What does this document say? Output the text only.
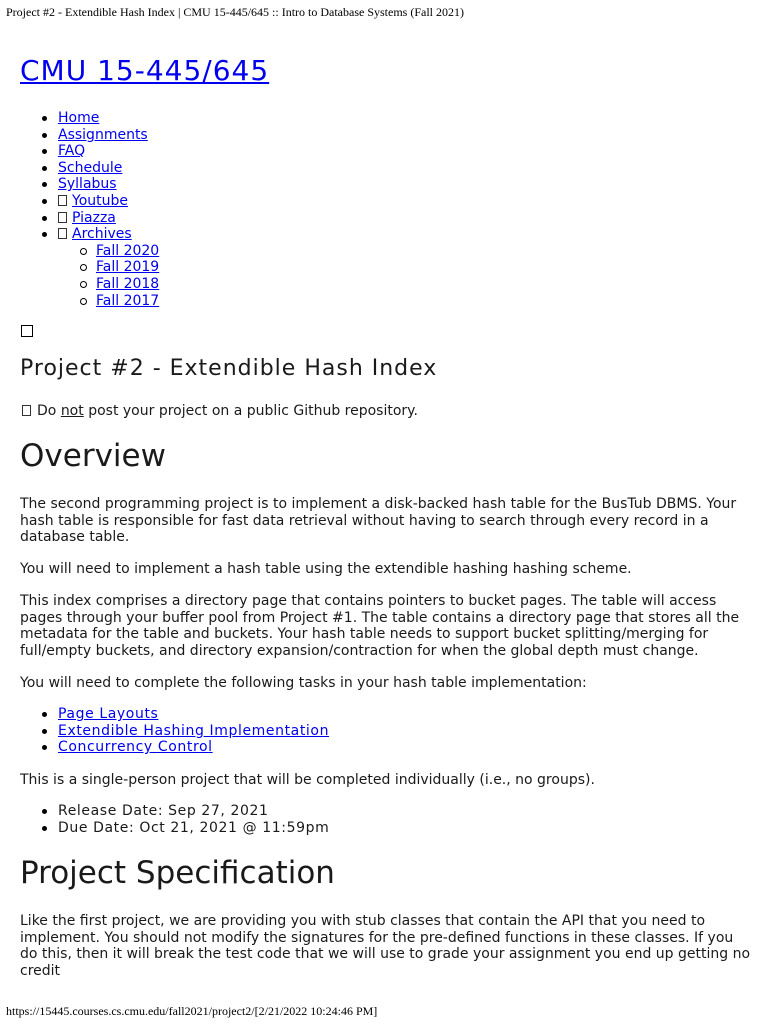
Project #2 - Extendible Hash Index | CMU 15-445/645 :: Intro to Database Systems (Fall 2021)
CMU 15-445/645
Home
Assignments
FAQ
Schedule
Syllabus
Youtube
Piazza
Archives
Fall 2020
Fall 2019
Fall 2018
Fall 2017
Project #2 - Extendible Hash Index
Do not post your project on a public Github repository.
Overview

The second programming project is to implement a disk-backed hash table for the BusTub DBMS. Your hash table is responsible for fast data retrieval without having to search through every record in a database table.

You will need to implement a hash table using the extendible hashing hashing scheme.

This index comprises a directory page that contains pointers to bucket pages. The table will access pages through your buffer pool from Project #1. The table contains a directory page that stores all the metadata for the table and buckets. Your hash table needs to support bucket splitting/merging for full/empty buckets, and directory expansion/contraction for when the global depth must change.

You will need to complete the following tasks in your hash table implementation:

Page Layouts
Extendible Hashing Implementation
Concurrency Control

This is a single-person project that will be completed individually (i.e., no groups).

Release Date: Sep 27, 2021
Due Date: Oct 21, 2021 @ 11:59pm
Project Specification

Like the first project, we are providing you with stub classes that contain the API that you need to implement. You should not modify the signatures for the pre-defined functions in these classes. If you do this, then it will break the test code that we will use to grade your assignment you end up getting no credit

https://15445.courses.cs.cmu.edu/fall2021/project2/[2/21/2022 10:24:46 PM]
